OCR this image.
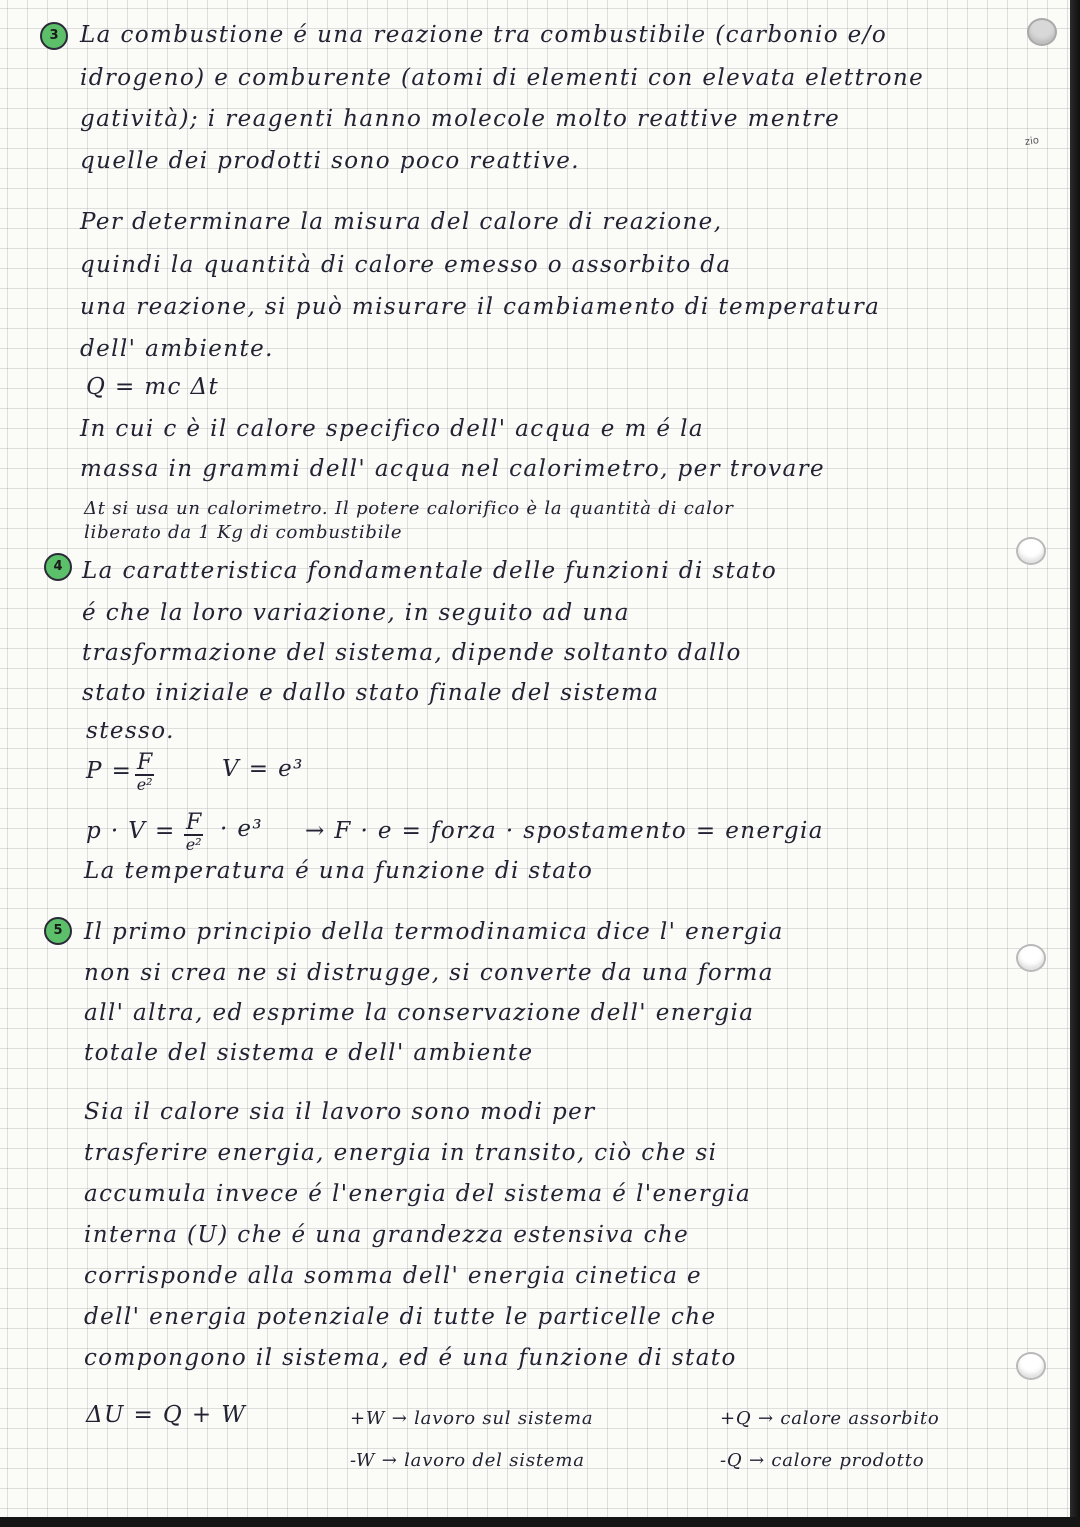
zio
3 La combustione é una reazione tra combustibile (carbonio e/o
idrogeno) e comburente (atomi di elementi con elevata elettrone
gatività); i reagenti hanno molecole molto reattive mentre
quelle dei prodotti sono poco reattive.
Per determinare la misura del calore di reazione,
quindi la quantità di calore emesso o assorbito da
una reazione, si può misurare il cambiamento di temperatura
dell' ambiente.
Q = mc Δt
In cui c è il calore specifico dell' acqua e m é la
massa in grammi dell' acqua nel calorimetro, per trovare
Δt si usa un calorimetro. Il potere calorifico è la quantità di calor
liberato da 1 Kg di combustibile
4 La caratteristica fondamentale delle funzioni di stato
é che la loro variazione, in seguito ad una
trasformazione del sistema, dipende soltanto dallo
stato iniziale e dallo stato finale del sistema
stesso.
P = F
e²
V = e³
p · V = F
e²
· e³ → F · e = forza · spostamento = energia
La temperatura é una funzione di stato
5 Il primo principio della termodinamica dice l' energia
non si crea ne si distrugge, si converte da una forma
all' altra, ed esprime la conservazione dell' energia
totale del sistema e dell' ambiente
Sia il calore sia il lavoro sono modi per
trasferire energia, energia in transito, ciò che si
accumula invece é l'energia del sistema é l'energia
interna (U) che é una grandezza estensiva che
corrisponde alla somma dell' energia cinetica e
dell' energia potenziale di tutte le particelle che
compongono il sistema, ed é una funzione di stato
ΔU = Q + W	+W → lavoro sul sistema	+Q → calore assorbito
-W → lavoro del sistema	-Q → calore prodotto
